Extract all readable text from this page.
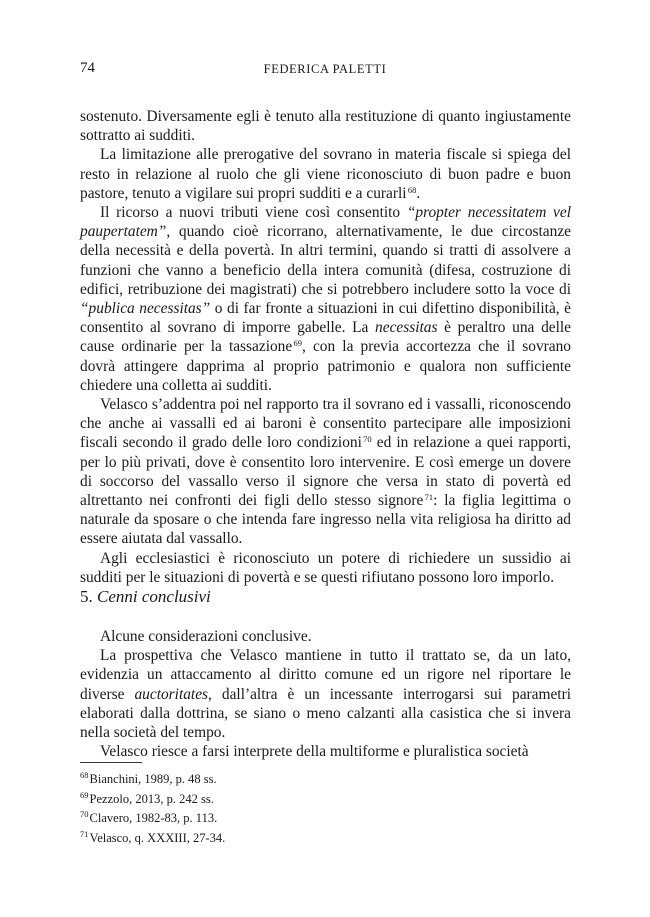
74	FEDERICA PALETTI

sostenuto. Diversamente egli è tenuto alla restituzione di quanto ingiustamente sottratto ai sudditi.

La limitazione alle prerogative del sovrano in materia fiscale si spiega del resto in relazione al ruolo che gli viene riconosciuto di buon padre e buon pastore, tenuto a vigilare sui propri sudditi e a curarli $^{68}$.

Il ricorso a nuovi tributi viene così consentito “propter necessitatem vel paupertatem”, quando cioè ricorrano, alternativamente, le due circostanze della necessità e della povertà. In altri termini, quando si tratti di assolvere a funzioni che vanno a beneficio della intera comunità (difesa, costruzione di edifici, retribuzione dei magistrati) che si potrebbero includere sotto la voce di “publica necessitas” o di far fronte a situazioni in cui difettino disponibilità, è consentito al sovrano di imporre gabelle. La necessitas è peraltro una delle cause ordinarie per la tassazione $^{69}$, con la previa accortezza che il sovrano dovrà attingere dapprima al proprio patrimonio e qualora non sufficiente chiedere una colletta ai sudditi.

Velasco s’addentra poi nel rapporto tra il sovrano ed i vassalli, riconoscendo che anche ai vassalli ed ai baroni è consentito partecipare alle imposizioni fiscali secondo il grado delle loro condizioni $^{70}$ ed in relazione a quei rapporti, per lo più privati, dove è consentito loro intervenire. E così emerge un dovere di soccorso del vassallo verso il signore che versa in stato di povertà ed altrettanto nei confronti dei figli dello stesso signore $^{71}$: la figlia legittima o naturale da sposare o che intenda fare ingresso nella vita religiosa ha diritto ad essere aiutata dal vassallo.

Agli ecclesiastici è riconosciuto un potere di richiedere un sussidio ai sudditi per le situazioni di povertà e se questi rifiutano possono loro imporlo.

5. Cenni conclusivi

Alcune considerazioni conclusive.

La prospettiva che Velasco mantiene in tutto il trattato se, da un lato, evidenzia un attaccamento al diritto comune ed un rigore nel riportare le diverse auctoritates, dall’altra è un incessante interrogarsi sui parametri elaborati dalla dottrina, se siano o meno calzanti alla casistica che si invera nella società del tempo.

Velasco riesce a farsi interprete della multiforme e pluralistica società

$^{68}$ Bianchini, 1989, p. 48 ss.
$^{69}$ Pezzolo, 2013, p. 242 ss.
$^{70}$ Clavero, 1982-83, p. 113.
$^{71}$ Velasco, q. XXXIII, 27-34.
